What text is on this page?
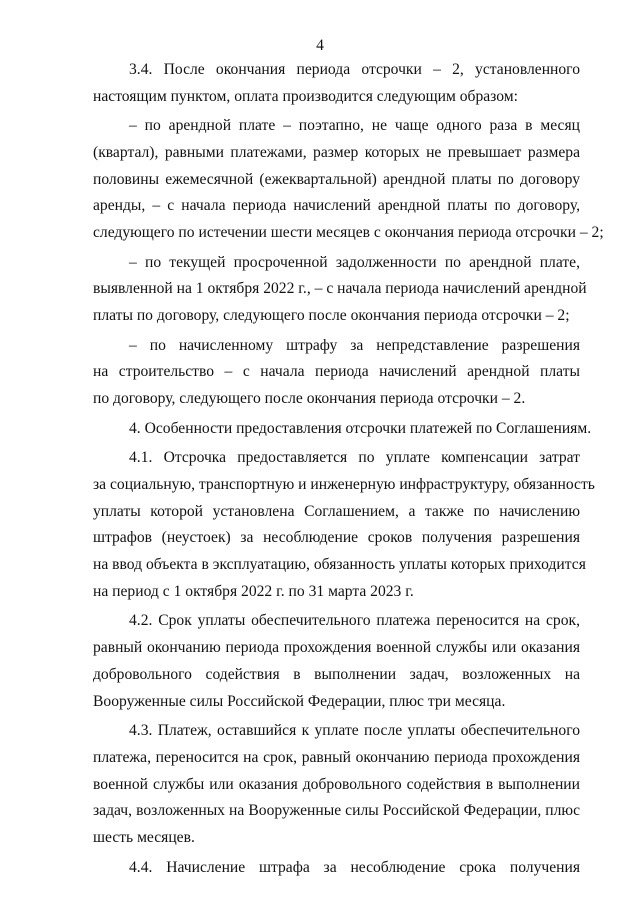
4
3.4. После окончания периода отсрочки – 2, установленного
настоящим пунктом, оплата производится следующим образом:
– по арендной плате – поэтапно, не чаще одного раза в месяц
(квартал), равными платежами, размер которых не превышает размера
половины ежемесячной (ежеквартальной) арендной платы по договору
аренды, – с начала периода начислений арендной платы по договору,
следующего по истечении шести месяцев с окончания периода отсрочки – 2;
– по текущей просроченной задолженности по арендной плате,
выявленной на 1 октября 2022 г., – с начала периода начислений арендной
платы по договору, следующего после окончания периода отсрочки – 2;
– по начисленному штрафу за непредставление разрешения
на строительство – с начала периода начислений арендной платы
по договору, следующего после окончания периода отсрочки – 2.
4. Особенности предоставления отсрочки платежей по Соглашениям.
4.1. Отсрочка предоставляется по уплате компенсации затрат
за социальную, транспортную и инженерную инфраструктуру, обязанность
уплаты которой установлена Соглашением, а также по начислению
штрафов (неустоек) за несоблюдение сроков получения разрешения
на ввод объекта в эксплуатацию, обязанность уплаты которых приходится
на период с 1 октября 2022 г. по 31 марта 2023 г.
4.2. Срок уплаты обеспечительного платежа переносится на срок,
равный окончанию периода прохождения военной службы или оказания
добровольного содействия в выполнении задач, возложенных на
Вооруженные силы Российской Федерации, плюс три месяца.
4.3. Платеж, оставшийся к уплате после уплаты обеспечительного
платежа, переносится на срок, равный окончанию периода прохождения
военной службы или оказания добровольного содействия в выполнении
задач, возложенных на Вооруженные силы Российской Федерации, плюс
шесть месяцев.
4.4. Начисление штрафа за несоблюдение срока получения
